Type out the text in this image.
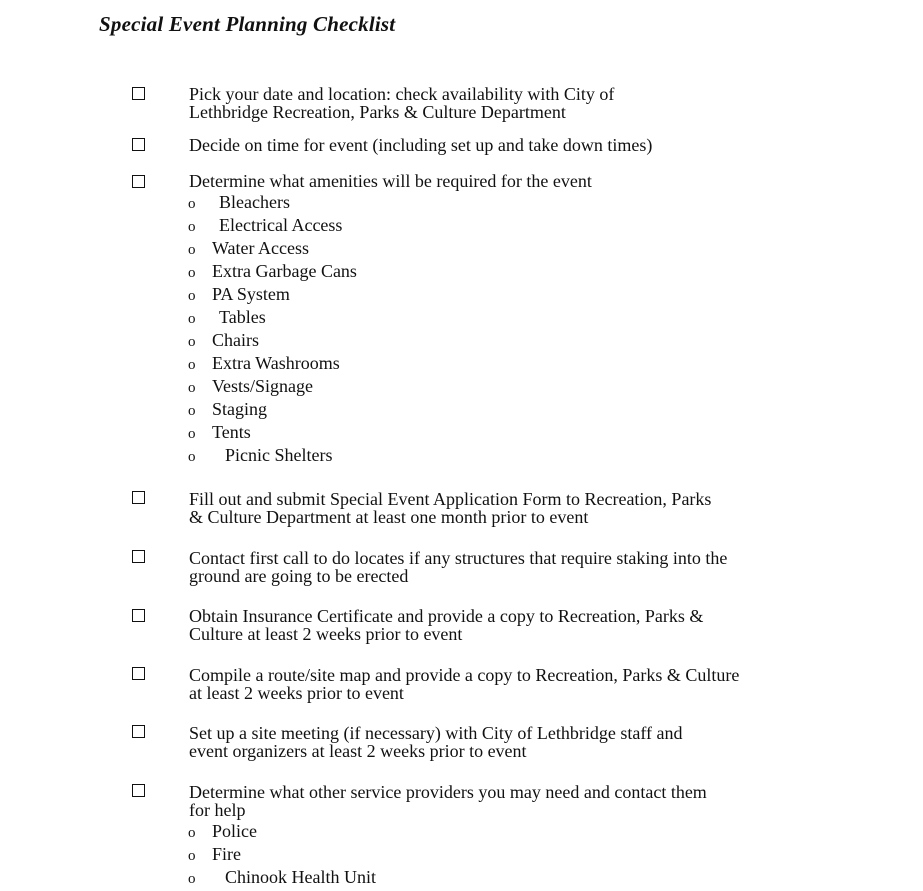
Special Event Planning Checklist
Pick your date and location: check availability with City of
Lethbridge Recreation, Parks & Culture Department
Decide on time for event (including set up and take down times)
Determine what amenities will be required for the event
o Bleachers
o Electrical Access
o Water Access
o Extra Garbage Cans
o PA System
o Tables
o Chairs
o Extra Washrooms
o Vests/Signage
o Staging
o Tents
o Picnic Shelters
Fill out and submit Special Event Application Form to Recreation, Parks
& Culture Department at least one month prior to event
Contact first call to do locates if any structures that require staking into the
ground are going to be erected
Obtain Insurance Certificate and provide a copy to Recreation, Parks &
Culture at least 2 weeks prior to event
Compile a route/site map and provide a copy to Recreation, Parks & Culture
at least 2 weeks prior to event
Set up a site meeting (if necessary) with City of Lethbridge staff and
event organizers at least 2 weeks prior to event
Determine what other service providers you may need and contact them
for help
o Police
o Fire
o Chinook Health Unit
